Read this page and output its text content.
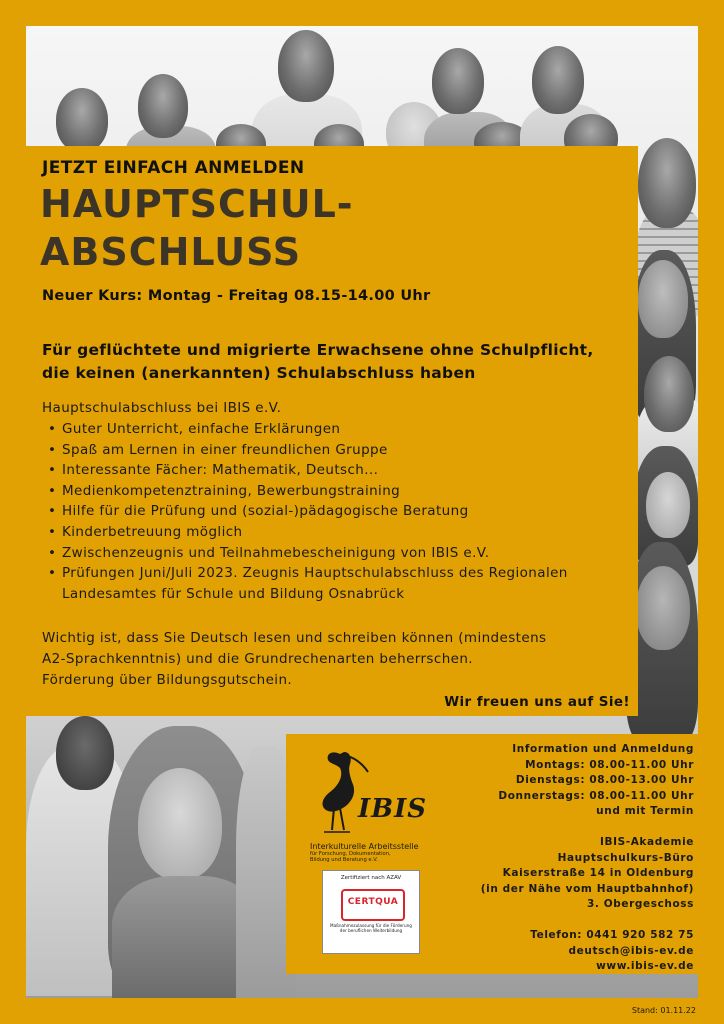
JETZT EINFACH ANMELDEN
HAUPTSCHUL-
ABSCHLUSS
Neuer Kurs: Montag - Freitag 08.15-14.00 Uhr
Für geflüchtete und migrierte Erwachsene ohne Schulpflicht,
die keinen (anerkannten) Schulabschluss haben
Hauptschulabschluss bei IBIS e.V.
• Guter Unterricht, einfache Erklärungen
• Spaß am Lernen in einer freundlichen Gruppe
• Interessante Fächer: Mathematik, Deutsch...
• Medienkompetenztraining, Bewerbungstraining
• Hilfe für die Prüfung und (sozial-)pädagogische Beratung
• Kinderbetreuung möglich
• Zwischenzeugnis und Teilnahmebescheinigung von IBIS e.V.
• Prüfungen Juni/Juli 2023. Zeugnis Hauptschulabschluss des Regionalen Landesamtes für Schule und Bildung Osnabrück
Wichtig ist, dass Sie Deutsch lesen und schreiben können (mindestens
A2-Sprachkenntnis) und die Grundrechenarten beherrschen.
Förderung über Bildungsgutschein.
Wir freuen uns auf Sie!
IBIS
Interkulturelle Arbeitsstelle
für Forschung, Dokumentation,
Bildung und Beratung e.V.
Zertifiziert nach AZAV
CERTQUA
Maßnahmezulassung für die Förderung der beruflichen Weiterbildung
Information und Anmeldung
Montags: 08.00-11.00 Uhr
Dienstags: 08.00-13.00 Uhr
Donnerstags: 08.00-11.00 Uhr
und mit Termin
IBIS-Akademie
Hauptschulkurs-Büro
Kaiserstraße 14 in Oldenburg
(in der Nähe vom Hauptbahnhof)
3. Obergeschoss
Telefon: 0441 920 582 75
deutsch@ibis-ev.de
www.ibis-ev.de
Stand: 01.11.22
